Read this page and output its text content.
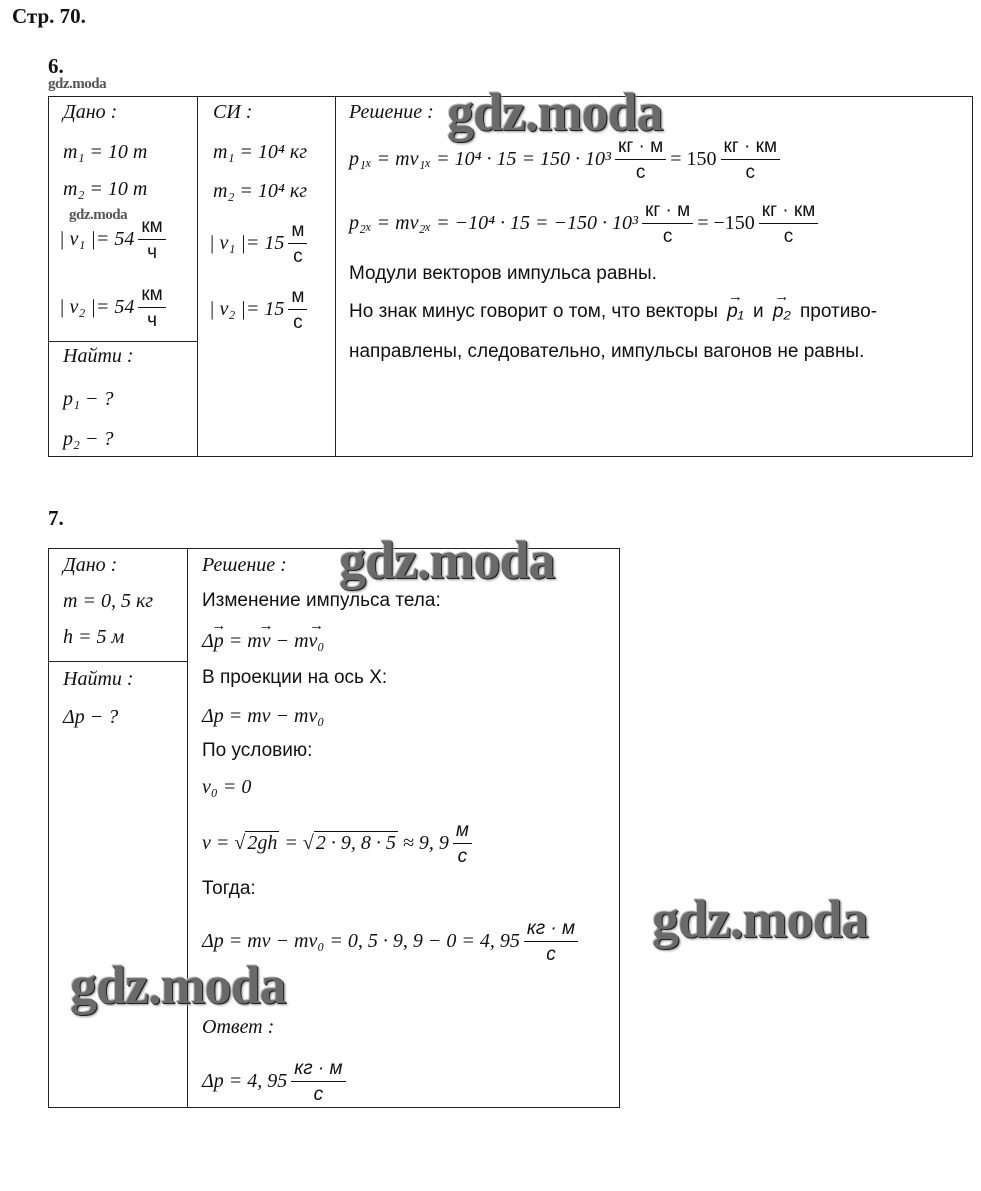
Стр. 70.
6.
gdz.moda
Дано :
m₁ = 10 т
m₂ = 10 т
gdz.moda
| v₁ |= $54 \frac{км}{ч}$
| v₂ |= $54 \frac{км}{ч}$
Найти :
p₁ − ?
p₂ − ?
СИ :
m₁ = 10⁴ кг
m₂ = 10⁴ кг
| v₁ |= $15 \frac{м}{с}$
| v₂ |= $15 \frac{м}{с}$
Решение : gdz.moda
$p_{1x} = mv_{1x} = 10^4 \cdot 15 = 150 \cdot 10^3 \frac{кг \cdot м}{с} = 150 \frac{кг \cdot км}{с}$
$p_{2x} = mv_{2x} = -10^4 \cdot 15 = -150 \cdot 10^3 \frac{кг \cdot м}{с} = -150 \frac{кг \cdot км}{с}$
Модули векторов импульса равны.
Но знак минус говорит о том, что векторы → p₁ и → p₂ противо-
направлены, следовательно, импульсы вагонов не равны.
7.
Дано :
m = 0, 5 кг
h = 5 м
Найти :
Δp − ?
Решение : gdz.moda
Изменение импульса тела:
Δ→ p = m→ v − m→ v₀
В проекции на ось X:
Δp = mv − mv₀
По условию:
v₀ = 0
v = √ 2gh = √ 2 · 9, 8 · 5 ≈ 9, $9 \frac{м}{с}$
Тогда:
Δp = mv − mv₀ = 0, 5 · 9, 9 − 0 = 4, $95 \frac{кг \cdot м}{с}$
Ответ :
Δp = 4, $95 \frac{кг \cdot м}{с}$
gdz.moda
gdz.moda
